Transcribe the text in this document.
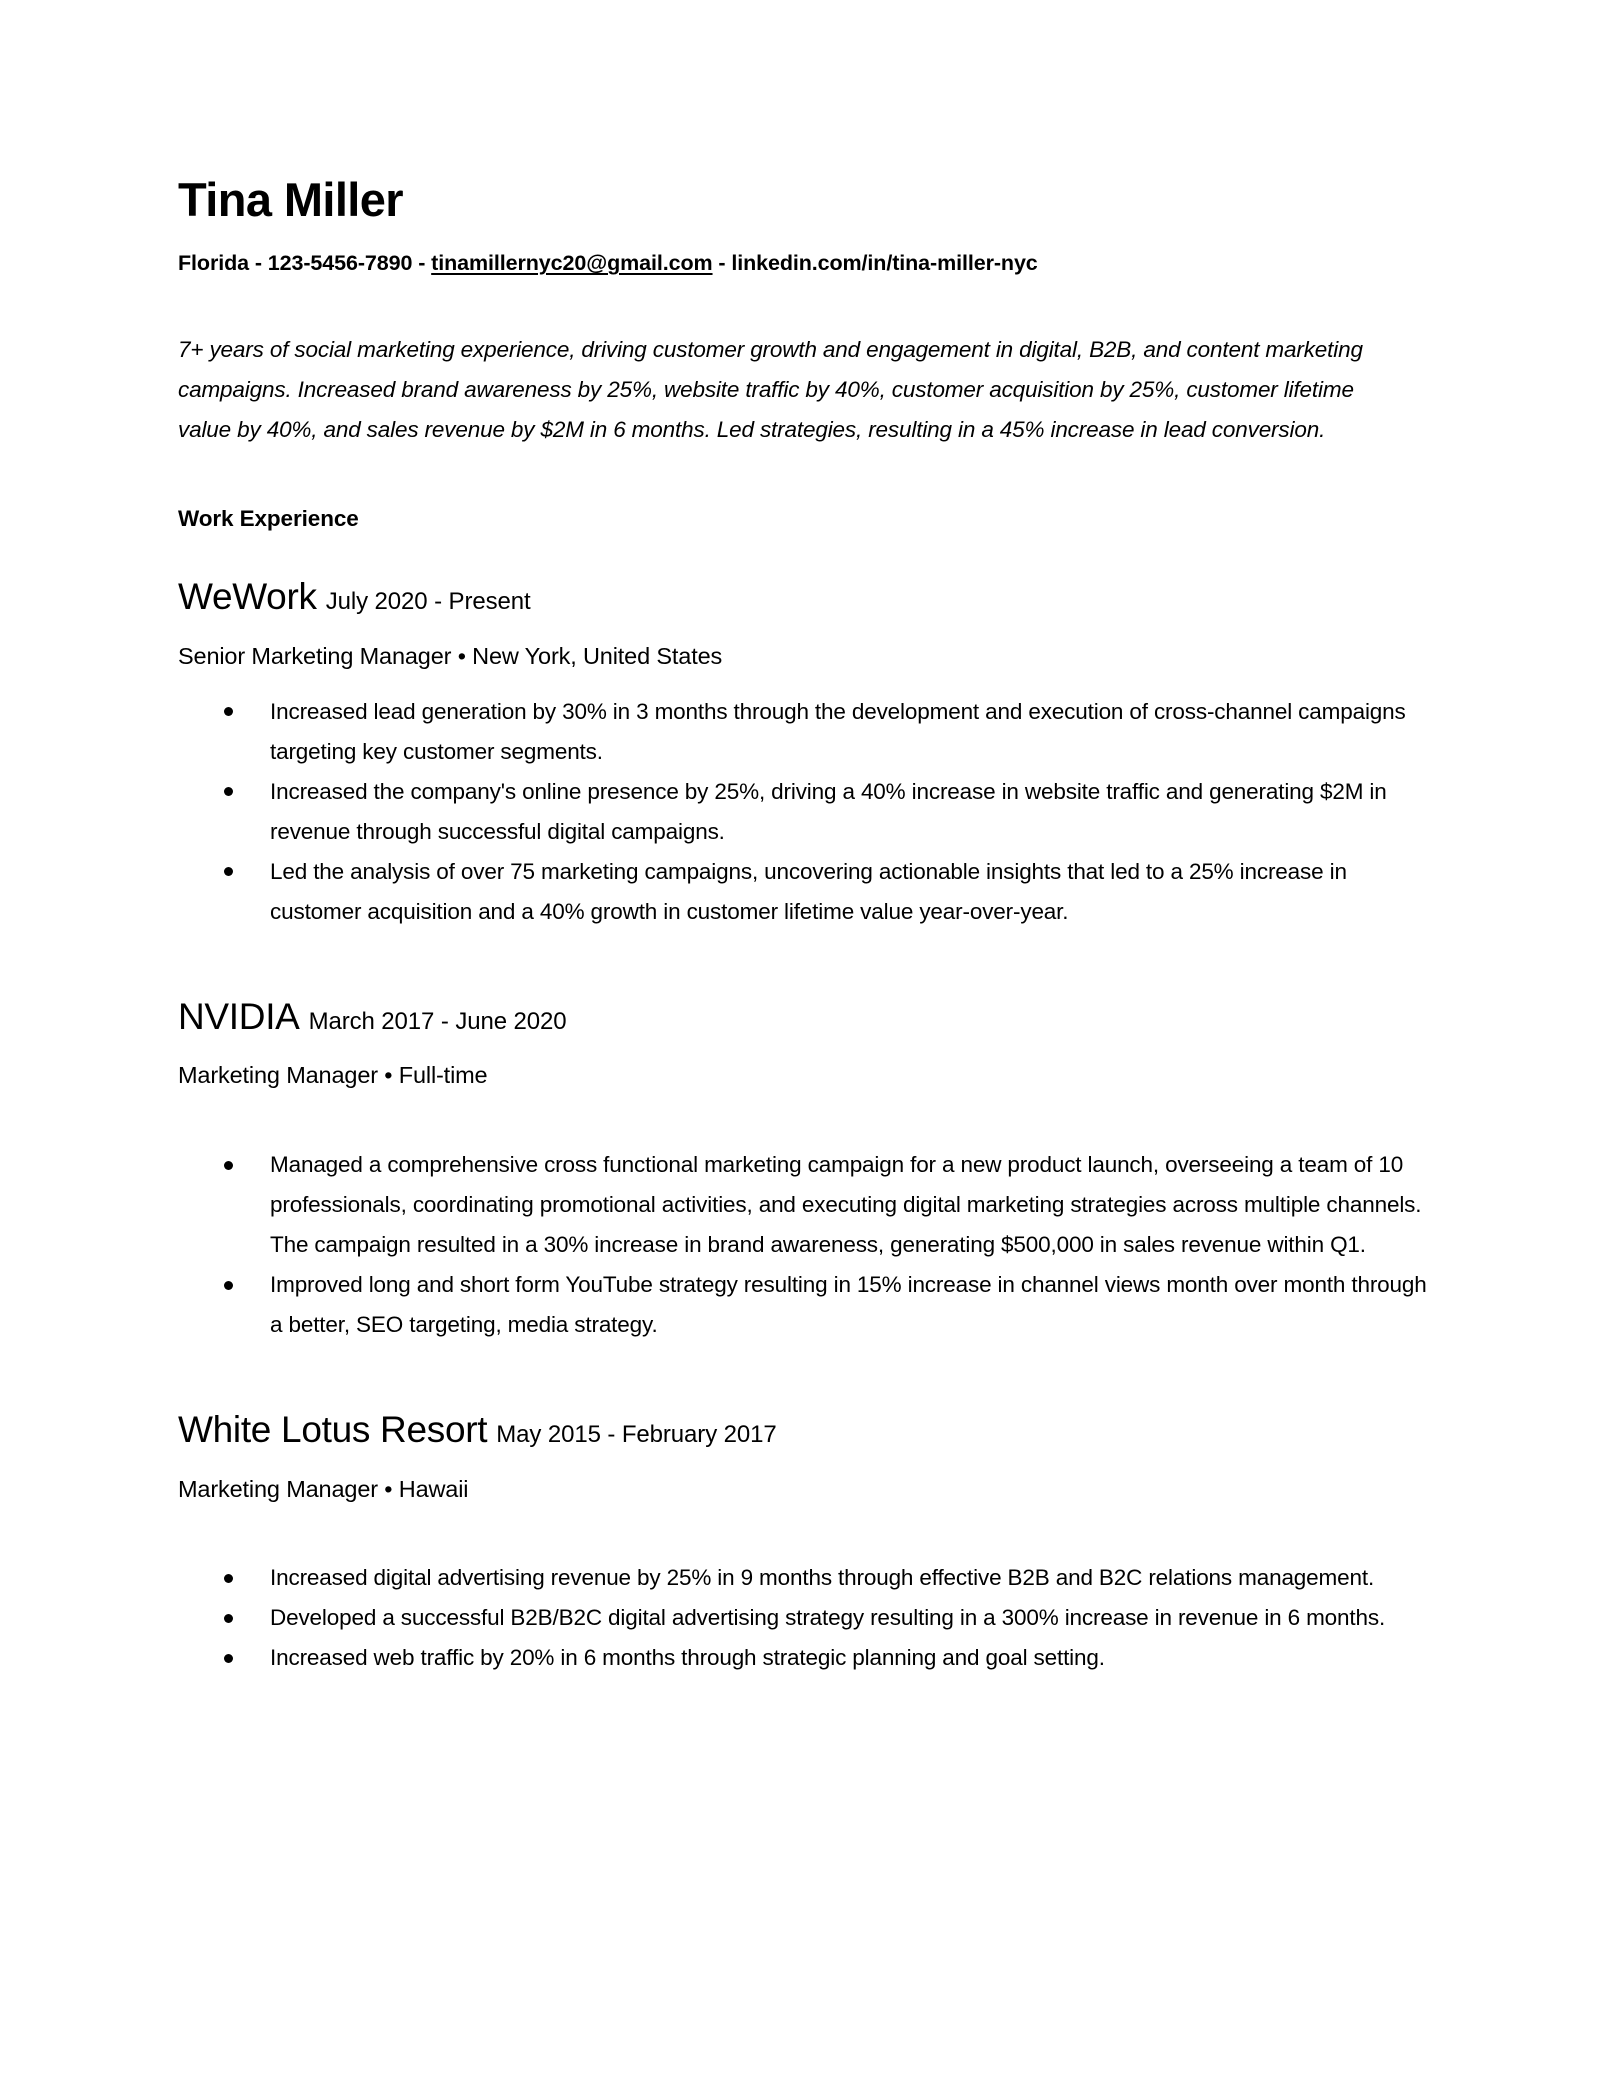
Tina Miller
Florida - 123-5456-7890 - tinamillernyc20@gmail.com - linkedin.com/in/tina-miller-nyc

7+ years of social marketing experience, driving customer growth and engagement in digital, B2B, and content marketing campaigns. Increased brand awareness by 25%, website traffic by 40%, customer acquisition by 25%, customer lifetime value by 40%, and sales revenue by $2M in 6 months. Led strategies, resulting in a 45% increase in lead conversion.

Work Experience
WeWork July 2020 - Present
Senior Marketing Manager • New York, United States
Increased lead generation by 30% in 3 months through the development and execution of cross-channel campaigns targeting key customer segments.
Increased the company's online presence by 25%, driving a 40% increase in website traffic and generating $2M in revenue through successful digital campaigns.
Led the analysis of over 75 marketing campaigns, uncovering actionable insights that led to a 25% increase in customer acquisition and a 40% growth in customer lifetime value year-over-year.
NVIDIA March 2017 - June 2020
Marketing Manager • Full-time
Managed a comprehensive cross functional marketing campaign for a new product launch, overseeing a team of 10 professionals, coordinating promotional activities, and executing digital marketing strategies across multiple channels. The campaign resulted in a 30% increase in brand awareness, generating $500,000 in sales revenue within Q1.
Improved long and short form YouTube strategy resulting in 15% increase in channel views month over month through a better, SEO targeting, media strategy.
White Lotus Resort May 2015 - February 2017
Marketing Manager • Hawaii
Increased digital advertising revenue by 25% in 9 months through effective B2B and B2C relations management.
Developed a successful B2B/B2C digital advertising strategy resulting in a 300% increase in revenue in 6 months.
Increased web traffic by 20% in 6 months through strategic planning and goal setting.
